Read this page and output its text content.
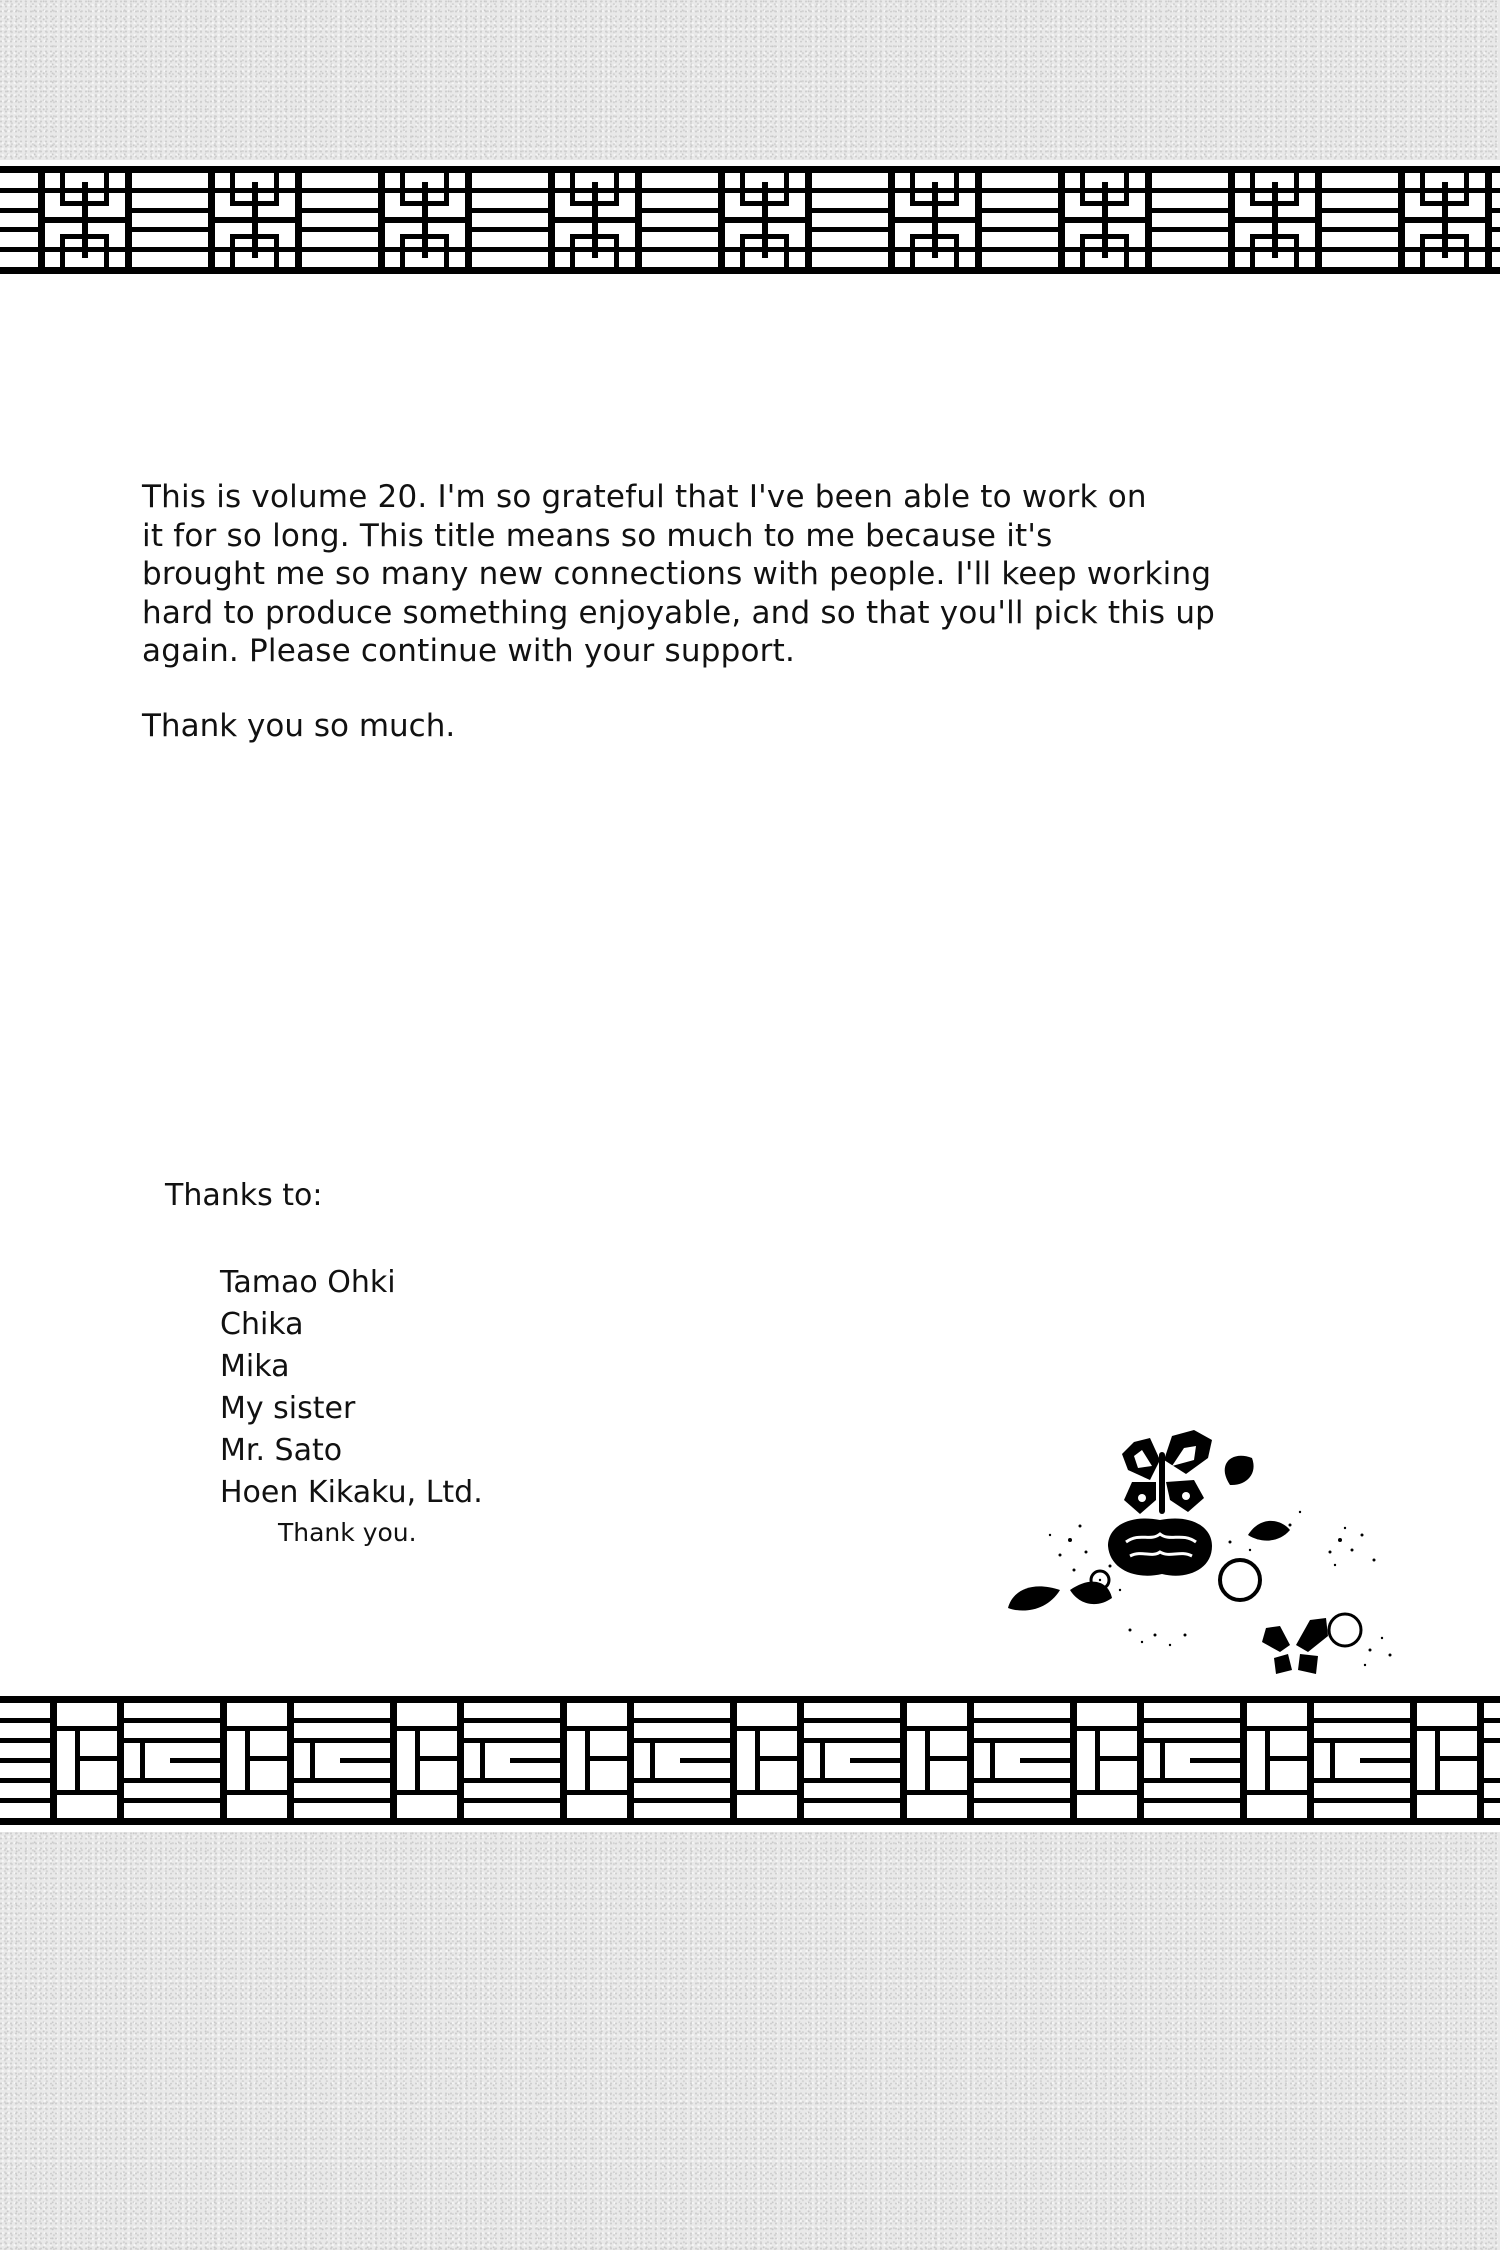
This is volume 20. I'm so grateful that I've been able to work on
it for so long. This title means so much to me because it's
brought me so many new connections with people. I'll keep working
hard to produce something enjoyable, and so that you'll pick this up
again. Please continue with your support.
Thank you so much.
Thanks to:
Tamao Ohki
Chika
Mika
My sister
Mr. Sato
Hoen Kikaku, Ltd.
Thank you.
